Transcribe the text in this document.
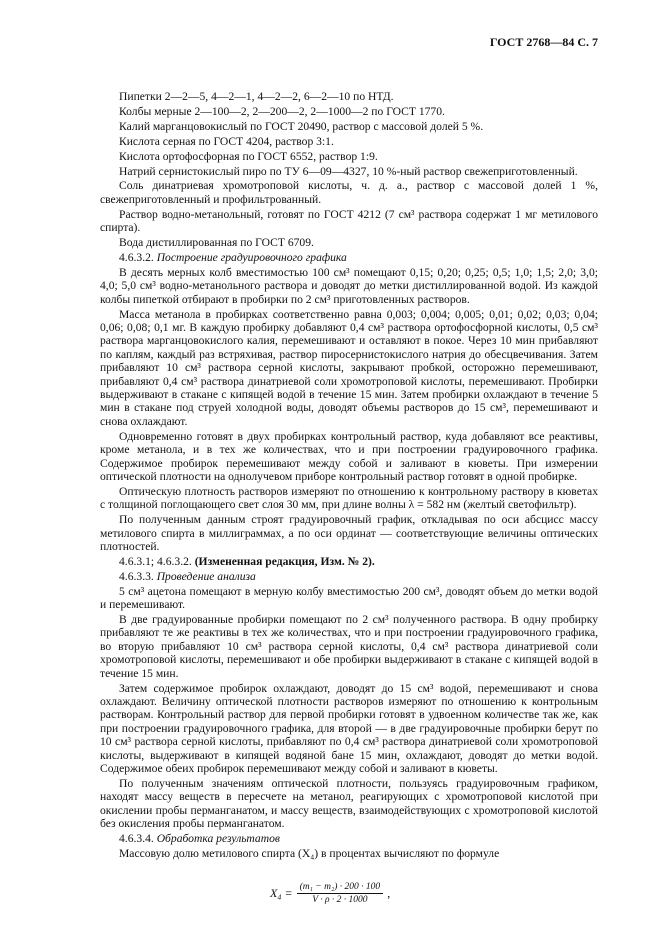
ГОСТ 2768—84 С. 7

Пипетки 2—2—5, 4—2—1, 4—2—2, 6—2—10 по НТД.

Колбы мерные 2—100—2, 2—200—2, 2—1000—2 по ГОСТ 1770.

Калий марганцовокислый по ГОСТ 20490, раствор с массовой долей 5 %.

Кислота серная по ГОСТ 4204, раствор 3:1.

Кислота ортофосфорная по ГОСТ 6552, раствор 1:9.

Натрий сернистокислый пиро по ТУ 6—09—4327, 10 %-ный раствор свежеприготовленный.

Соль динатриевая хромотроповой кислоты, ч. д. а., раствор с массовой долей 1 %, свежеприготовленный и профильтрованный.

Раствор водно-метанольный, готовят по ГОСТ 4212 (7 см³ раствора содержат 1 мг метилового спирта).

Вода дистиллированная по ГОСТ 6709.

4.6.3.2. Построение градуировочного графика

В десять мерных колб вместимостью 100 см³ помещают 0,15; 0,20; 0,25; 0,5; 1,0; 1,5; 2,0; 3,0; 4,0; 5,0 см³ водно-метанольного раствора и доводят до метки дистиллированной водой. Из каждой колбы пипеткой отбирают в пробирки по 2 см³ приготовленных растворов.

Масса метанола в пробирках соответственно равна 0,003; 0,004; 0,005; 0,01; 0,02; 0,03; 0,04; 0,06; 0,08; 0,1 мг. В каждую пробирку добавляют 0,4 см³ раствора ортофосфорной кислоты, 0,5 см³ раствора марганцовокислого калия, перемешивают и оставляют в покое. Через 10 мин прибавляют по каплям, каждый раз встряхивая, раствор пиросернистокислого натрия до обесцвечивания. Затем прибавляют 10 см³ раствора серной кислоты, закрывают пробкой, осторожно перемешивают, прибавляют 0,4 см³ раствора динатриевой соли хромотроповой кислоты, перемешивают. Пробирки выдерживают в стакане с кипящей водой в течение 15 мин. Затем пробирки охлаждают в течение 5 мин в стакане под струей холодной воды, доводят объемы растворов до 15 см³, перемешивают и снова охлаждают.

Одновременно готовят в двух пробирках контрольный раствор, куда добавляют все реактивы, кроме метанола, и в тех же количествах, что и при построении градуировочного графика. Содержимое пробирок перемешивают между собой и заливают в кюветы. При измерении оптической плотности на однолучевом приборе контрольный раствор готовят в одной пробирке.

Оптическую плотность растворов измеряют по отношению к контрольному раствору в кюветах с толщиной поглощающего свет слоя 30 мм, при длине волны λ = 582 нм (желтый светофильтр).

По полученным данным строят градуировочный график, откладывая по оси абсцисс массу метилового спирта в миллиграммах, а по оси ординат — соответствующие величины оптических плотностей.

4.6.3.1; 4.6.3.2. (Измененная редакция, Изм. № 2).

4.6.3.3. Проведение анализа

5 см³ ацетона помещают в мерную колбу вместимостью 200 см³, доводят объем до метки водой и перемешивают.

В две градуированные пробирки помещают по 2 см³ полученного раствора. В одну пробирку прибавляют те же реактивы в тех же количествах, что и при построении градуировочного графика, во вторую прибавляют 10 см³ раствора серной кислоты, 0,4 см³ раствора динатриевой соли хромотроповой кислоты, перемешивают и обе пробирки выдерживают в стакане с кипящей водой в течение 15 мин.

Затем содержимое пробирок охлаждают, доводят до 15 см³ водой, перемешивают и снова охлаждают. Величину оптической плотности растворов измеряют по отношению к контрольным растворам. Контрольный раствор для первой пробирки готовят в удвоенном количестве так же, как при построении градуировочного графика, для второй — в две градуировочные пробирки берут по 10 см³ раствора серной кислоты, прибавляют по 0,4 см³ раствора динатриевой соли хромотроповой кислоты, выдерживают в кипящей водяной бане 15 мин, охлаждают, доводят до метки водой. Содержимое обеих пробирок перемешивают между собой и заливают в кюветы.

По полученным значениям оптической плотности, пользуясь градуировочным графиком, находят массу веществ в пересчете на метанол, реагирующих с хромотроповой кислотой при окислении пробы перманганатом, и массу веществ, взаимодействующих с хромотроповой кислотой без окисления пробы перманганатом.

4.6.3.4. Обработка результатов

Массовую долю метилового спирта (X₄) в процентах вычисляют по формуле

$X_4 = \frac{\text{(m₁ − m₂) · 200 · 100}}{V \cdot \rho \cdot 2 \cdot 1000}$ ,
